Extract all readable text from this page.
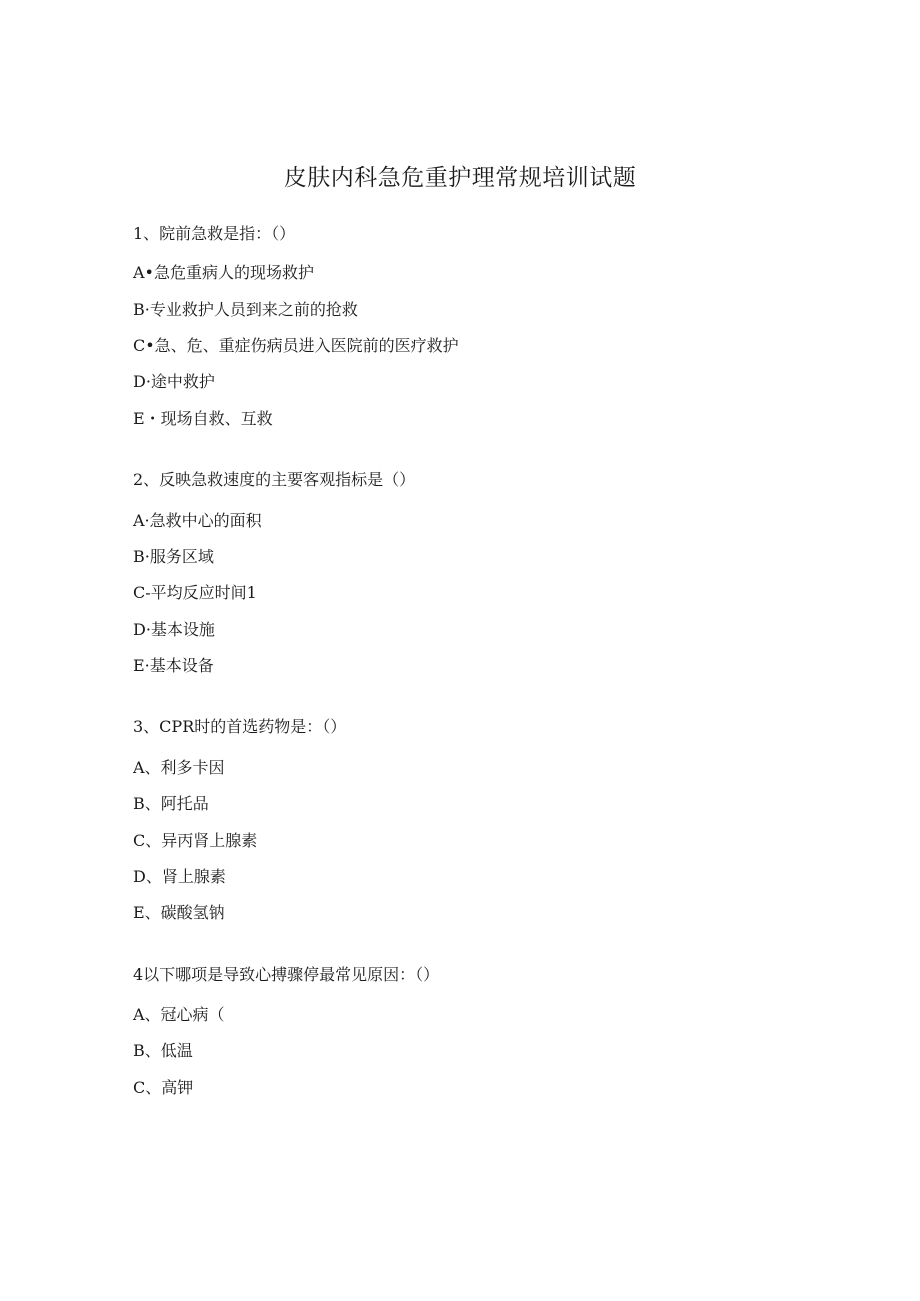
皮肤内科急危重护理常规培训试题
1、院前急救是指：（）
A•急危重病人的现场救护
B·专业救护人员到来之前的抢救
C•急、危、重症伤病员进入医院前的医疗救护
D·途中救护
E・现场自救、互救
2、反映急救速度的主要客观指标是（）
A·急救中心的面积
B·服务区域
C-平均反应时间1
D·基本设施
E·基本设备
3、CPR时的首选药物是：（）
A、利多卡因
B、阿托品
C、异丙肾上腺素
D、肾上腺素
E、碳酸氢钠
4以下哪项是导致心搏骤停最常见原因：（）
A、冠心病（
B、低温
C、高钾
